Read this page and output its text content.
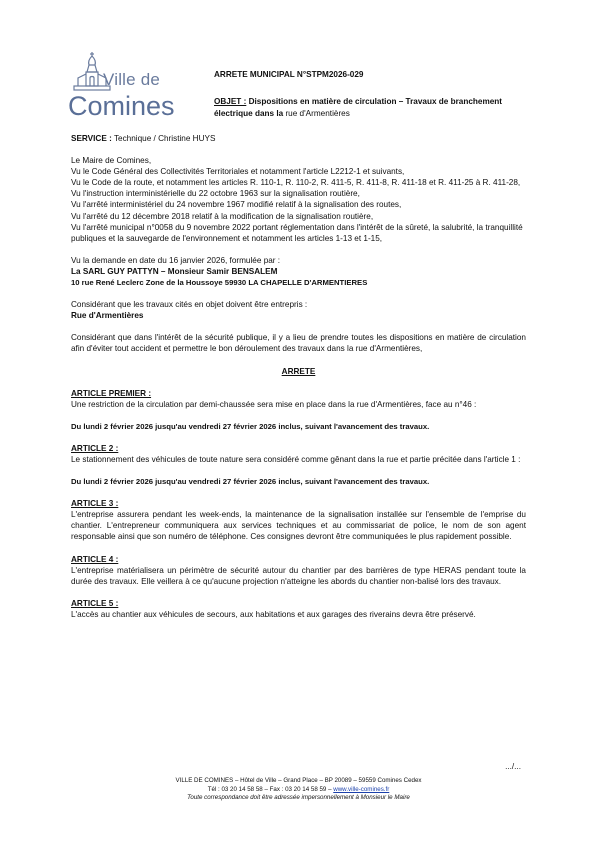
Ville de
Comines
ARRETE MUNICIPAL N°STPM2026-029
OBJET : Dispositions en matière de circulation – Travaux de branchement électrique dans la rue d'Armentières
SERVICE : Technique / Christine HUYS
Le Maire de Comines,
Vu le Code Général des Collectivités Territoriales et notamment l'article L2212-1 et suivants,
Vu le Code de la route, et notamment les articles R. 110-1, R. 110-2, R. 411-5, R. 411-8, R. 411-18 et R. 411-25 à R. 411-28,
Vu l'instruction interministérielle du 22 octobre 1963 sur la signalisation routière,
Vu l'arrêté interministériel du 24 novembre 1967 modifié relatif à la signalisation des routes,
Vu l'arrêté du 12 décembre 2018 relatif à la modification de la signalisation routière,
Vu l'arrêté municipal n°0058 du 9 novembre 2022 portant réglementation dans l'intérêt de la sûreté, la salubrité, la tranquillité publiques et la sauvegarde de l'environnement et notamment les articles 1-13 et 1-15,
Vu la demande en date du 16 janvier 2026, formulée par :
La SARL GUY PATTYN – Monsieur Samir BENSALEM
10 rue René Leclerc Zone de la Houssoye 59930 LA CHAPELLE D'ARMENTIERES
Considérant que les travaux cités en objet doivent être entrepris :
Rue d'Armentières
Considérant que dans l'intérêt de la sécurité publique, il y a lieu de prendre toutes les dispositions en matière de circulation afin d'éviter tout accident et permettre le bon déroulement des travaux dans la rue d'Armentières,
ARRETE
ARTICLE PREMIER :
Une restriction de la circulation par demi-chaussée sera mise en place dans la rue d'Armentières, face au n°46 :
Du lundi 2 février 2026 jusqu'au vendredi 27 février 2026 inclus, suivant l'avancement des travaux.
ARTICLE 2 :
Le stationnement des véhicules de toute nature sera considéré comme gênant dans la rue et partie précitée dans l'article 1 :
Du lundi 2 février 2026 jusqu'au vendredi 27 février 2026 inclus, suivant l'avancement des travaux.
ARTICLE 3 :
L'entreprise assurera pendant les week-ends, la maintenance de la signalisation installée sur l'ensemble de l'emprise du chantier. L'entrepreneur communiquera aux services techniques et au commissariat de police, le nom de son agent responsable ainsi que son numéro de téléphone. Ces consignes devront être communiquées le plus rapidement possible.
ARTICLE 4 :
L'entreprise matérialisera un périmètre de sécurité autour du chantier par des barrières de type HERAS pendant toute la durée des travaux. Elle veillera à ce qu'aucune projection n'atteigne les abords du chantier non-balisé lors des travaux.
ARTICLE 5 :
L'accès au chantier aux véhicules de secours, aux habitations et aux garages des riverains devra être préservé.
.../...
VILLE DE COMINES – Hôtel de Ville – Grand Place – BP 20089 – 59559 Comines Cedex
Tél : 03 20 14 58 58 – Fax : 03 20 14 58 59 – www.ville-comines.fr
Toute correspondance doit être adressée impersonnellement à Monsieur le Maire
